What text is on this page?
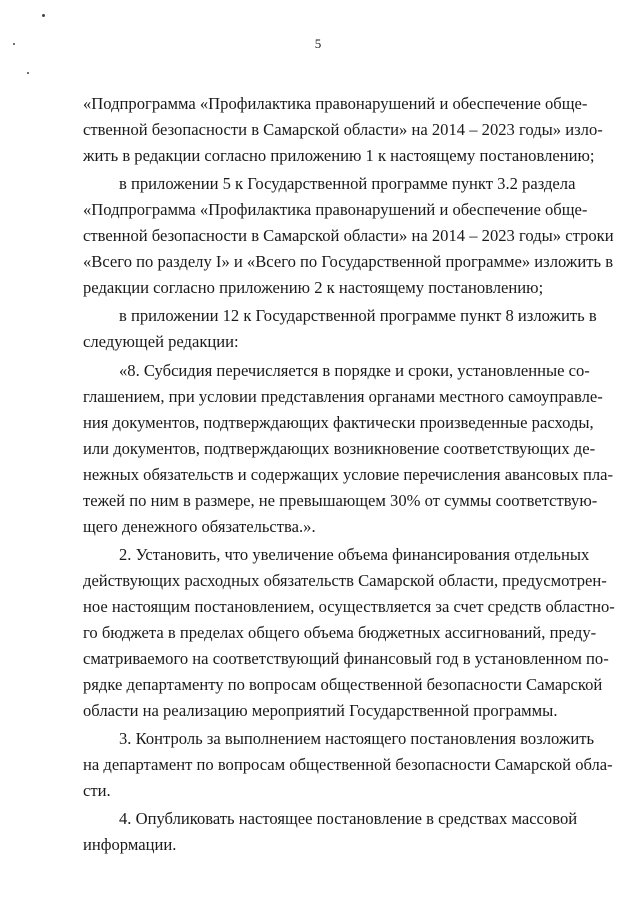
5
«Подпрограмма «Профилактика правонарушений и обеспечение обще-
ственной безопасности в Самарской области» на 2014 – 2023 годы» изло-
жить в редакции согласно приложению 1 к настоящему постановлению;
в приложении 5 к Государственной программе пункт 3.2 раздела
«Подпрограмма «Профилактика правонарушений и обеспечение обще-
ственной безопасности в Самарской области» на 2014 – 2023 годы» строки
«Всего по разделу I» и «Всего по Государственной программе» изложить в
редакции согласно приложению 2 к настоящему постановлению;
в приложении 12 к Государственной программе пункт 8 изложить в
следующей редакции:
«8. Субсидия перечисляется в порядке и сроки, установленные со-
глашением, при условии представления органами местного самоуправле-
ния документов, подтверждающих фактически произведенные расходы,
или документов, подтверждающих возникновение соответствующих де-
нежных обязательств и содержащих условие перечисления авансовых пла-
тежей по ним в размере, не превышающем 30% от суммы соответствую-
щего денежного обязательства.».
2. Установить, что увеличение объема финансирования отдельных
действующих расходных обязательств Самарской области, предусмотрен-
ное настоящим постановлением, осуществляется за счет средств областно-
го бюджета в пределах общего объема бюджетных ассигнований, преду-
сматриваемого на соответствующий финансовый год в установленном по-
рядке департаменту по вопросам общественной безопасности Самарской
области на реализацию мероприятий Государственной программы.
3. Контроль за выполнением настоящего постановления возложить
на департамент по вопросам общественной безопасности Самарской обла-
сти.
4. Опубликовать настоящее постановление в средствах массовой
информации.
